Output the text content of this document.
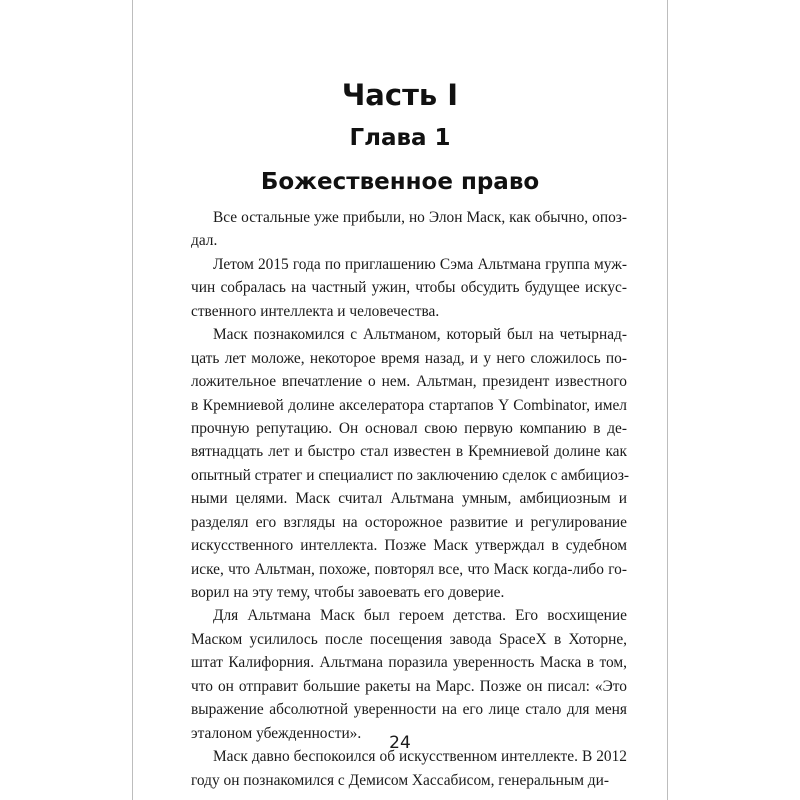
Часть I
Глава 1
Божественное право
Все остальные уже прибыли, но Элон Маск, как обычно, опоз-
дал.
Летом 2015 года по приглашению Сэма Альтмана группа муж-
чин собралась на частный ужин, чтобы обсудить будущее искус-
ственного интеллекта и человечества.
Маск познакомился с Альтманом, который был на четырнад-
цать лет моложе, некоторое время назад, и у него сложилось по-
ложительное впечатление о нем. Альтман, президент известного
в Кремниевой долине акселератора стартапов Y Combinator, имел
прочную репутацию. Он основал свою первую компанию в де-
вятнадцать лет и быстро стал известен в Кремниевой долине как
опытный стратег и специалист по заключению сделок с амбициоз-
ными целями. Маск считал Альтмана умным, амбициозным и
разделял его взгляды на осторожное развитие и регулирование
искусственного интеллекта. Позже Маск утверждал в судебном
иске, что Альтман, похоже, повторял все, что Маск когда-либо го-
ворил на эту тему, чтобы завоевать его доверие.
Для Альтмана Маск был героем детства. Его восхищение
Маском усилилось после посещения завода SpaceX в Хоторне,
штат Калифорния. Альтмана поразила уверенность Маска в том,
что он отправит большие ракеты на Марс. Позже он писал: «Это
выражение абсолютной уверенности на его лице стало для меня
эталоном убежденности».
Маск давно беспокоился об искусственном интеллекте. В 2012
году он познакомился с Демисом Хассабисом, генеральным ди-
24
